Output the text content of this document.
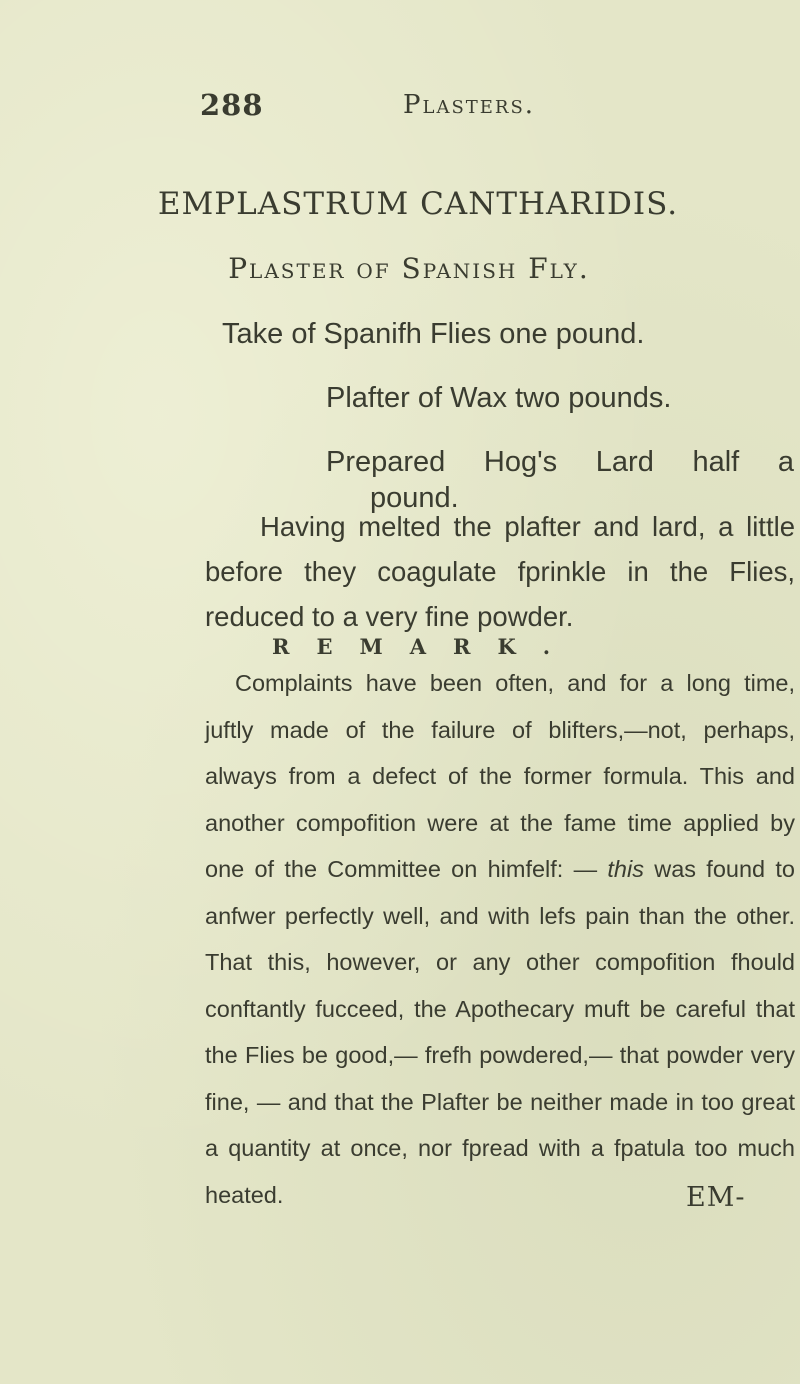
288	Plasters.
EMPLASTRUM CANTHARIDIS.
Plaster of Spanish Fly.
Take of Spanifh Flies one pound.
Plafter of Wax two pounds.
Prepared Hog's Lard half a
pound.
Having melted the plafter and lard, a little before they coagulate fprinkle in the Flies, reduced to a very fine powder.
REMARK.
Complaints have been often, and for a long time, juftly made of the failure of blifters,—not, perhaps, always from a defect of the former formula. This and another compofition were at the fame time applied by one of the Committee on himfelf: — this was found to anfwer perfectly well, and with lefs pain than the other. That this, however, or any other compofition fhould conftantly fucceed, the Apothecary muft be careful that the Flies be good,— frefh powdered,— that powder very fine, — and that the Plafter be neither made in too great a quantity at once, nor fpread with a fpatula too much heated.	EM-
